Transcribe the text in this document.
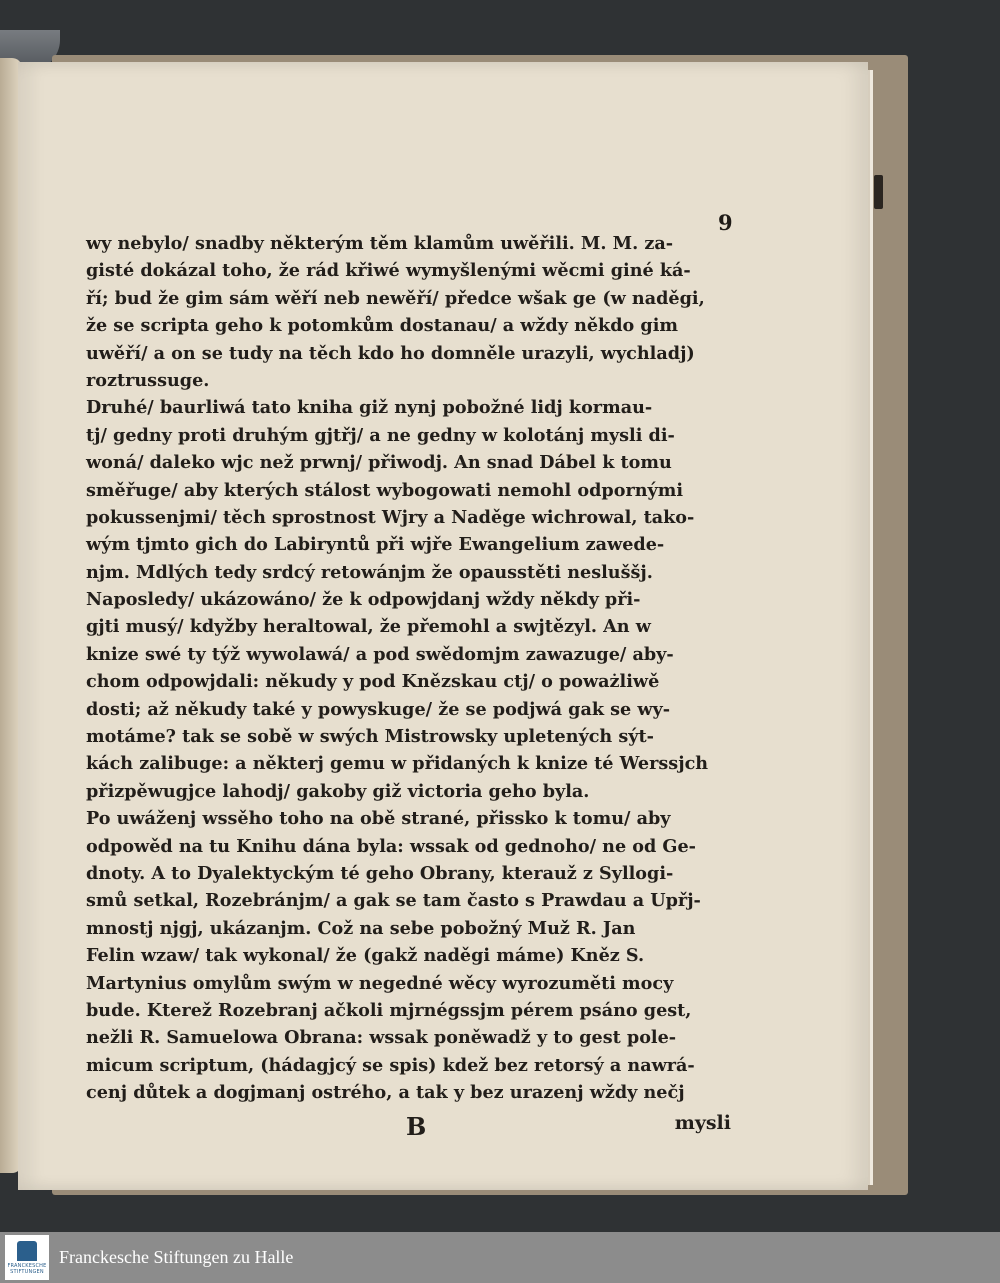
9
wy nebylo/ snadby některým těm klamům uwěřili. M. M. za-
gisté dokázal toho, že rád křiwé wymyšlenými wěcmi giné ká-
ří; bud že gim sám wěří neb newěří/ předce wšak ge (w naděgi,
že se scripta geho k potomkům dostanau/ a wždy někdo gim
uwěří/ a on se tudy na těch kdo ho domněle urazyli, wychladj)
roztrussuge.
Druhé/ baurliwá tato kniha giž nynj pobožné lidj kormau-
tj/ gedny proti druhým gjtřj/ a ne gedny w kolotánj mysli di-
woná/ daleko wjc než prwnj/ přiwodj. An snad Dábel k tomu
směřuge/ aby kterých stálost wybogowati nemohl odpornými
pokussenjmi/ těch sprostnost Wjry a Naděge wichrowal, tako-
wým tjmto gich do Labiryntů při wjře Ewangelium zawede-
njm. Mdlých tedy srdcý retowánjm že opausstěti nesluššj.
Naposledy/ ukázowáno/ že k odpowjdanj wždy někdy při-
gjti musý/ kdyžby heraltowal, že přemohl a swjtězyl. An w
knize swé ty týž wywolawá/ a pod swědomjm zawazuge/ aby-
chom odpowjdali: někudy y pod Knězskau ctj/ o poważliwě
dosti; až někudy také y powyskuge/ že se podjwá gak se wy-
motáme? tak se sobě w swých Mistrowsky upletených sýt-
kách zalibuge: a některj gemu w přidaných k knize té Werssjch
přizpěwugjce lahodj/ gakoby giž victoria geho byla.
Po uwáženj wssěho toho na obě strané, přissko k tomu/ aby
odpowěd na tu Knihu dána byla: wssak od gednoho/ ne od Ge-
dnoty. A to Dyalektyckým té geho Obrany, kterauž z Syllogi-
smů setkal, Rozebránjm/ a gak se tam často s Prawdau a Upřj-
mnostj njgj, ukázanjm. Což na sebe pobožný Muž R. Jan
Felin wzaw/ tak wykonal/ že (gakž naděgi máme) Kněz S.
Martynius omylům swým w negedné wěcy wyrozuměti mocy
bude. Kterež Rozebranj ačkoli mjrnégssjm pérem psáno gest,
nežli R. Samuelowa Obrana: wssak poněwadž y to gest pole-
micum scriptum, (hádagjcý se spis) kdež bez retorsý a nawrá-
cenj důtek a dogjmanj ostrého, a tak y bez urazenj wždy nečj
B	mysli
FRANCKESCHE STIFTUNGEN
Franckesche Stiftungen zu Halle
